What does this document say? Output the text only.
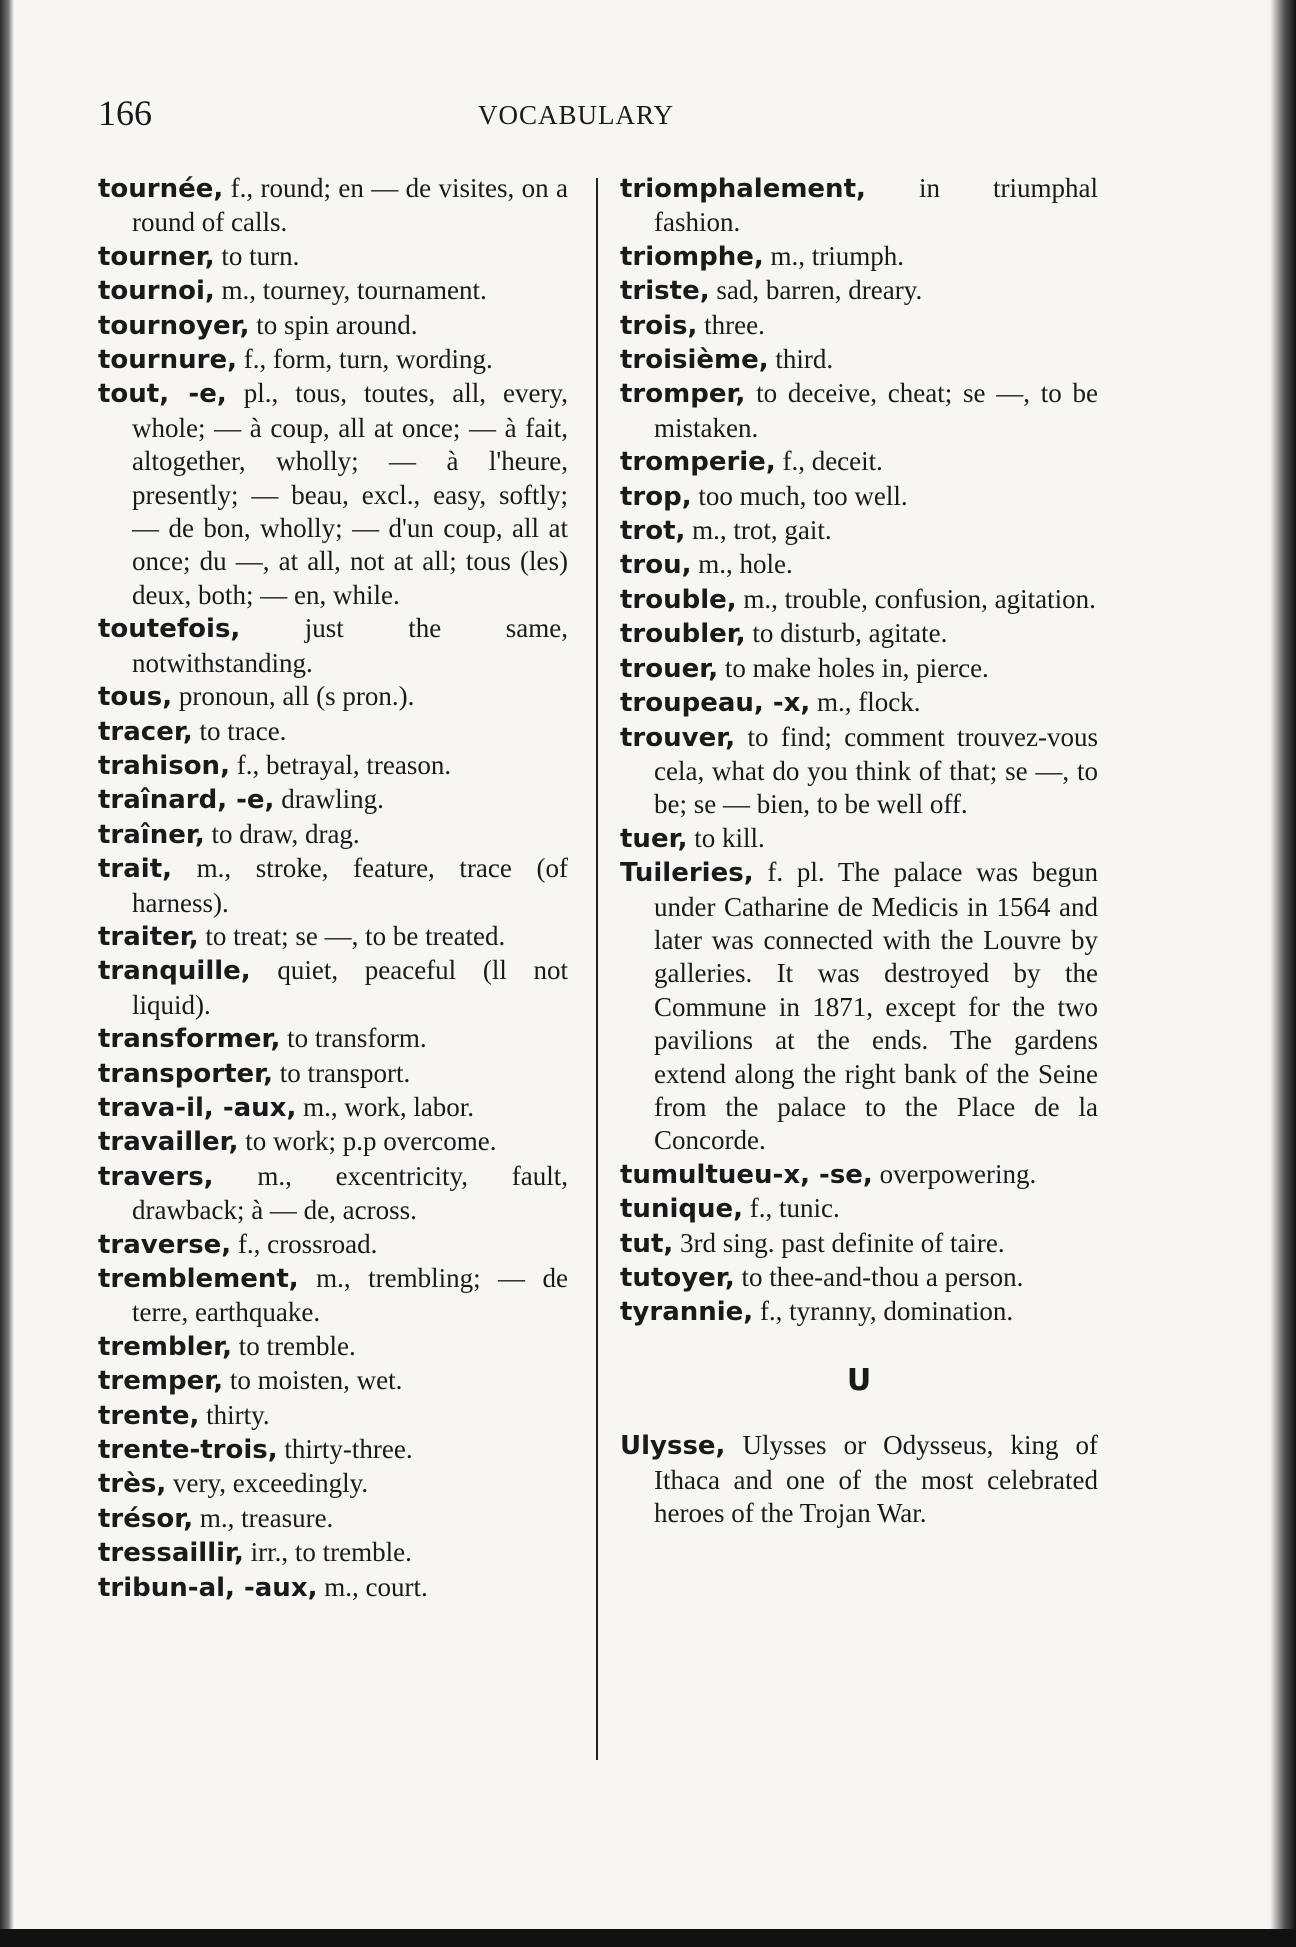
166	VOCABULARY

tournée, f., round; en — de visites, on a round of calls.

tourner, to turn.

tournoi, m., tourney, tournament.

tournoyer, to spin around.

tournure, f., form, turn, wording.

tout, -e, pl., tous, toutes, all, every, whole; — à coup, all at once; — à fait, altogether, wholly; — à l'heure, presently; — beau, excl., easy, softly; — de bon, wholly; — d'un coup, all at once; du —, at all, not at all; tous (les) deux, both; — en, while.

toutefois, just the same, notwithstanding.

tous, pronoun, all (s pron.).

tracer, to trace.

trahison, f., betrayal, treason.

traînard, -e, drawling.

traîner, to draw, drag.

trait, m., stroke, feature, trace (of harness).

traiter, to treat; se —, to be treated.

tranquille, quiet, peaceful (ll not liquid).

transformer, to transform.

transporter, to transport.

trava-il, -aux, m., work, labor.

travailler, to work; p.p overcome.

travers, m., excentricity, fault, drawback; à — de, across.

traverse, f., crossroad.

tremblement, m., trembling; — de terre, earthquake.

trembler, to tremble.

tremper, to moisten, wet.

trente, thirty.

trente-trois, thirty-three.

très, very, exceedingly.

trésor, m., treasure.

tressaillir, irr., to tremble.

tribun-al, -aux, m., court.

triomphalement, in triumphal fashion.

triomphe, m., triumph.

triste, sad, barren, dreary.

trois, three.

troisième, third.

tromper, to deceive, cheat; se —, to be mistaken.

tromperie, f., deceit.

trop, too much, too well.

trot, m., trot, gait.

trou, m., hole.

trouble, m., trouble, confusion, agitation.

troubler, to disturb, agitate.

trouer, to make holes in, pierce.

troupeau, -x, m., flock.

trouver, to find; comment trouvez-vous cela, what do you think of that; se —, to be; se — bien, to be well off.

tuer, to kill.

Tuileries, f. pl. The palace was begun under Catharine de Medicis in 1564 and later was connected with the Louvre by galleries. It was destroyed by the Commune in 1871, except for the two pavilions at the ends. The gardens extend along the right bank of the Seine from the palace to the Place de la Concorde.

tumultueu-x, -se, overpowering.

tunique, f., tunic.

tut, 3rd sing. past definite of taire.

tutoyer, to thee-and-thou a person.

tyrannie, f., tyranny, domination.

U

Ulysse, Ulysses or Odysseus, king of Ithaca and one of the most celebrated heroes of the Trojan War.
